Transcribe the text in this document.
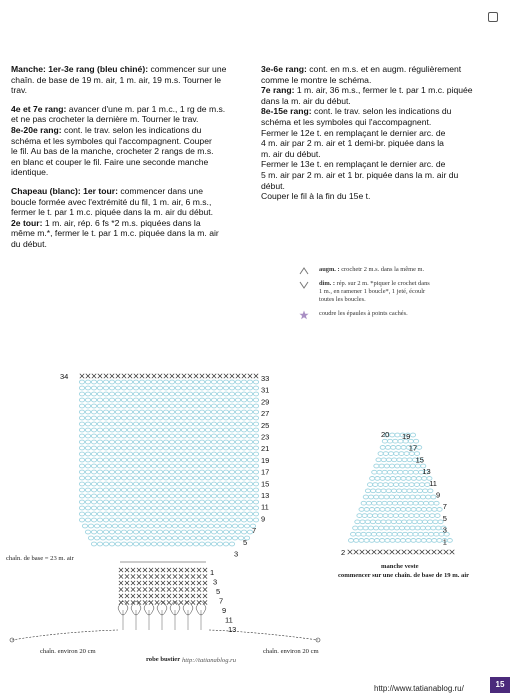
Manche: 1er-3e rang (bleu chiné): commencer sur une
chaîn. de base de 19 m. air, 1 m. air, 19 m.s. Tourner le
trav.

4e et 7e rang: avancer d'une m. par 1 m.c., 1 rg de m.s.
et ne pas crocheter la dernière m. Tourner le trav.

8e-20e rang: cont. le trav. selon les indications du
schéma et les symboles qui l'accompagnent. Couper
le fil. Au bas de la manche, crocheter 2 rangs de m.s.
en blanc et couper le fil. Faire une seconde manche
identique.

Chapeau (blanc): 1er tour: commencer dans une
boucle formée avec l'extrémité du fil, 1 m. air, 6 m.s.,
fermer le t. par 1 m.c. piquée dans la m. air du début.

2e tour: 1 m. air, rép. 6 fs *2 m.s. piquées dans la
même m.*, fermer le t. par 1 m.c. piquée dans la m. air
du début.

3e-6e rang: cont. en m.s. et en augm. régulièrement
comme le montre le schéma.

7e rang: 1 m. air, 36 m.s., fermer le t. par 1 m.c. piquée
dans la m. air du début.

8e-15e rang: cont. le trav. selon les indications du
schéma et les symboles qui l'accompagnent.
Fermer le 12e t. en remplaçant le dernier arc. de
4 m. air par 2 m. air et 1 demi-br. piquée dans la
m. air du début.
Fermer le 13e t. en remplaçant le dernier arc. de
5 m. air par 2 m. air et 1 br. piquée dans la m. air du
début.
Couper le fil à la fin du 15e t.

augm. : crochetr 2 m.s. dans la même m.
dim. : rép. sur 2 m. *piquer le crochet dans
1 m., en ramener 1 boucle*, 1 jeté, écoulr
toutes les boucles.
coudre les épaules à points cachés.
33
31
29
27
25
23
21
19
17
15
13
11
9
7
5
3
34
1
3
5
7
9
11
13
19
17
15
13
11
9
7
5
3
1
20
2
chaîn. de base = 23 m. air
chaîn. environ 20 cm	chaîn. environ 20 cm
robe bustier http://tatianablog.ru
manche veste
commencer sur une chaîn. de base de 19 m. air
http://www.tatianablog.ru/	15
